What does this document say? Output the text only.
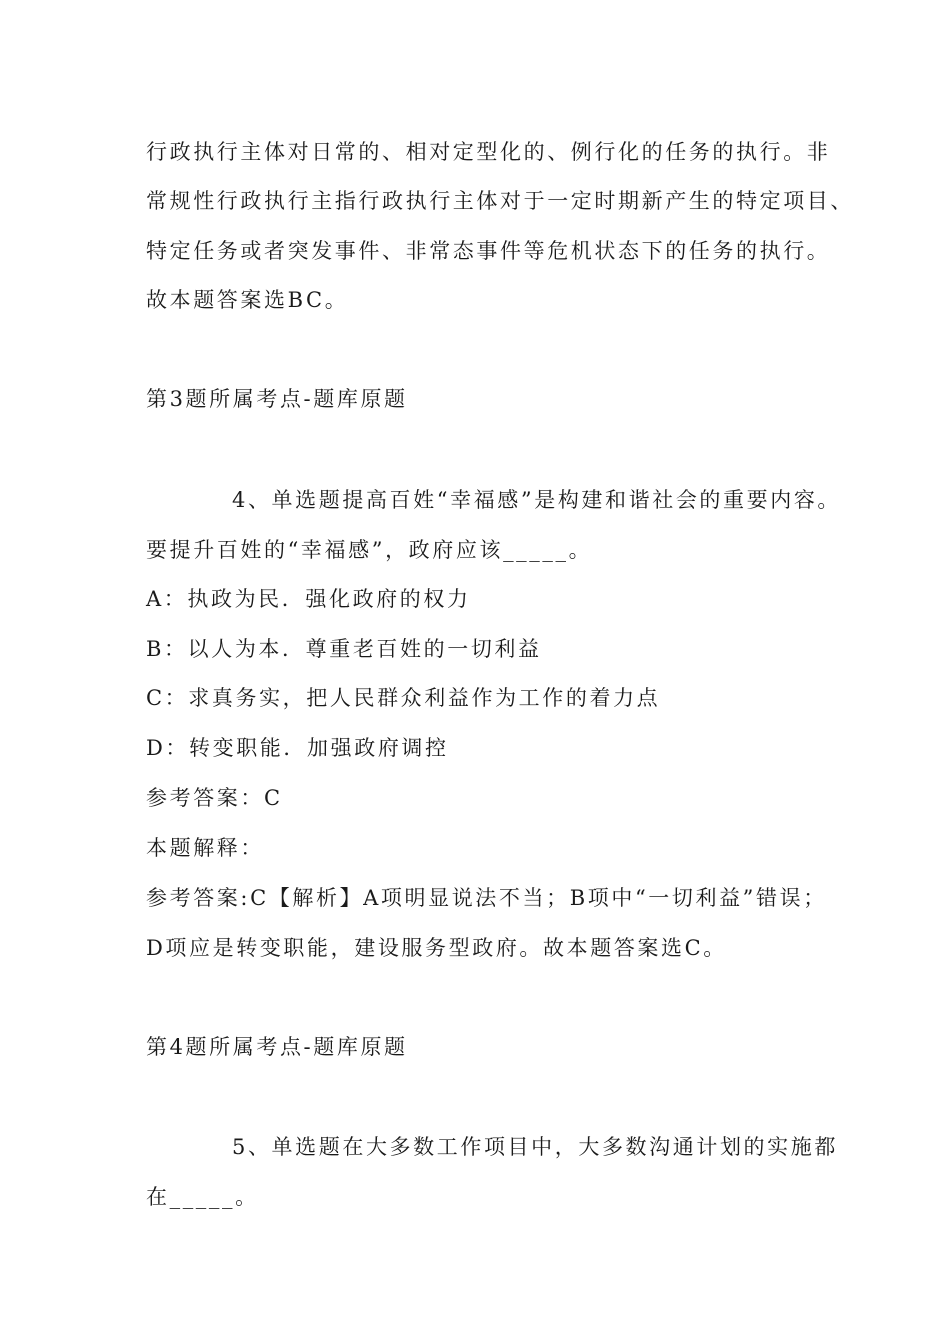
行政执行主体对日常的、相对定型化的、例行化的任务的执行。非
常规性行政执行主指行政执行主体对于一定时期新产生的特定项目、
特定任务或者突发事件、非常态事件等危机状态下的任务的执行。
故本题答案选BC。
第3题所属考点-题库原题
4、单选题提高百姓“幸福感”是构建和谐社会的重要内容。
要提升百姓的“幸福感”，政府应该_____。
A：执政为民．强化政府的权力
B：以人为本．尊重老百姓的一切利益
C：求真务实，把人民群众利益作为工作的着力点
D：转变职能．加强政府调控
参考答案：C
本题解释：
参考答案:C【解析】A项明显说法不当；B项中“一切利益”错误；
D项应是转变职能，建设服务型政府。故本题答案选C。
第4题所属考点-题库原题
5、单选题在大多数工作项目中，大多数沟通计划的实施都
在_____。
